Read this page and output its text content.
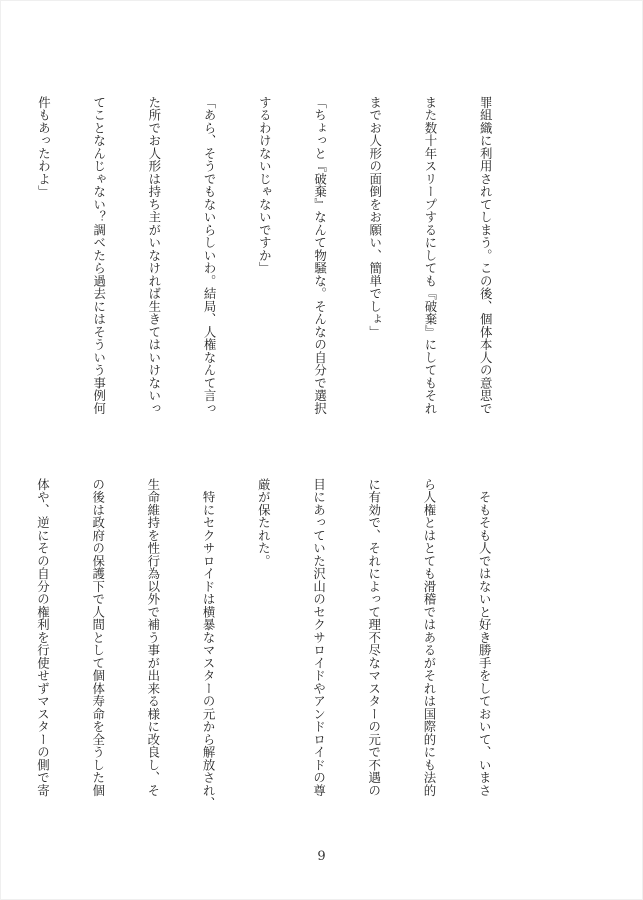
罪組織に利用されてしまう。この後、個体本人の意思で

また数十年スリープするにしても『破棄』にしてもそれ

までお人形の面倒をお願い、簡単でしょ」

「ちょっと『破棄』なんて物騒な。そんなの自分で選択

するわけないじゃないですか」

「あら、そうでもないらしいわ。結局、人権なんて言っ

た所でお人形は持ち主がいなければ生きてはいけないっ

てことなんじゃない？調べたら過去にはそういう事例何

件もあったわよ」

　そもそも人ではないと好き勝手をしておいて、いまさ

ら人権とはとても滑稽ではあるがそれは国際的にも法的

に有効で、それによって理不尽なマスターの元で不遇の

目にあっていた沢山のセクサロイドやアンドロイドの尊

厳が保たれた。

　特にセクサロイドは横暴なマスターの元から解放され、

生命維持を性行為以外で補う事が出来る様に改良し、そ

の後は政府の保護下で人間として個体寿命を全うした個

体や、逆にその自分の権利を行使せずマスターの側で寄

9
